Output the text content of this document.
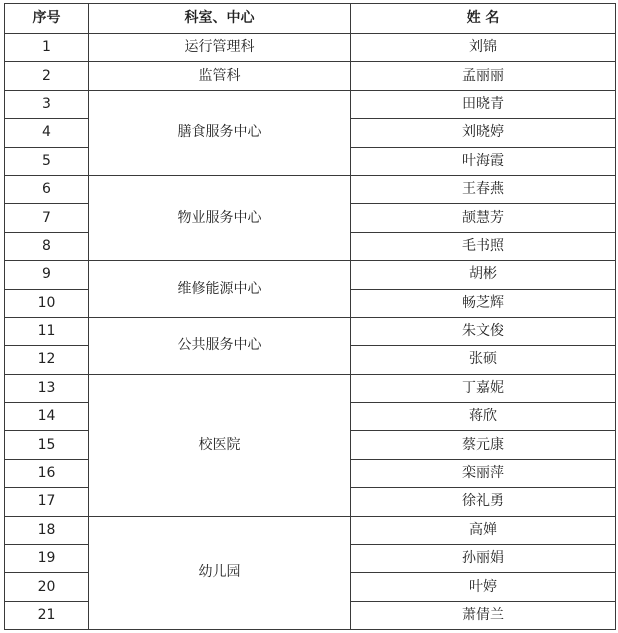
序号	科室、中心	姓 名
1	运行管理科	刘锦
2	监管科	孟丽丽
3	膳食服务中心	田晓青
4		刘晓婷
5		叶海霞
6	物业服务中心	王春燕
7		颉慧芳
8		毛书照
9	维修能源中心	胡彬
10		畅芝辉
11	公共服务中心	朱文俊
12		张硕
13	校医院	丁嘉妮
14		蒋欣
15		蔡元康
16		栾丽萍
17		徐礼勇
18	幼儿园	高婵
19		孙丽娟
20		叶婷
21		萧倩兰
